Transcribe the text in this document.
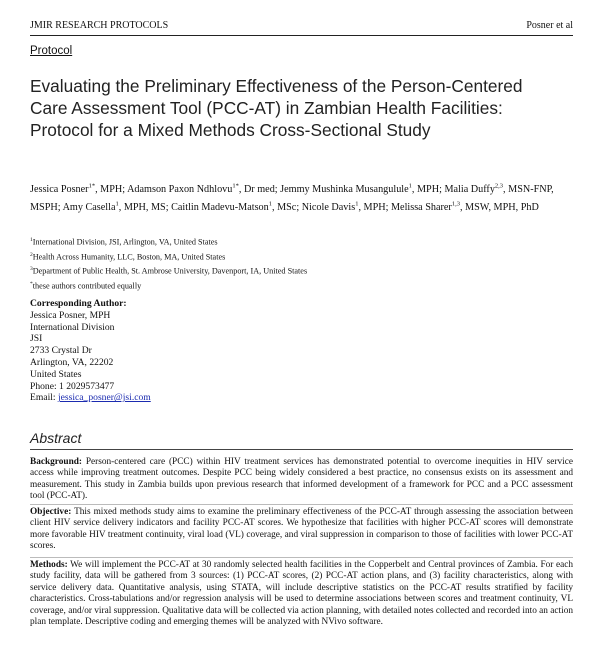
JMIR RESEARCH PROTOCOLS	Posner et al
Protocol
Evaluating the Preliminary Effectiveness of the Person-Centered
Care Assessment Tool (PCC-AT) in Zambian Health Facilities:
Protocol for a Mixed Methods Cross-Sectional Study
Jessica Posner$^{1*}$, MPH; Adamson Paxon Ndhlovu$^{1*}$, Dr med; Jemmy Mushinka Musangulule$^1$, MPH; Malia Duffy$^{2,3}$, MSN-FNP, MSPH; Amy Casella$^1$, MPH, MS; Caitlin Madevu-Matson$^1$, MSc; Nicole Davis$^1$, MPH; Melissa Sharer$^{1,3}$, MSW, MPH, PhD
$^1$International Division, JSI, Arlington, VA, United States
$^2$Health Across Humanity, LLC, Boston, MA, United States
$^3$Department of Public Health, St. Ambrose University, Davenport, IA, United States
*these authors contributed equally
Corresponding Author:
Jessica Posner, MPH
International Division
JSI
2733 Crystal Dr
Arlington, VA, 22202
United States
Phone: 1 2029573477
Email: jessica_posner@jsi.com
Abstract
Background: Person-centered care (PCC) within HIV treatment services has demonstrated potential to overcome inequities in HIV service access while improving treatment outcomes. Despite PCC being widely considered a best practice, no consensus exists on its assessment and measurement. This study in Zambia builds upon previous research that informed development of a framework for PCC and a PCC assessment tool (PCC-AT).
Objective: This mixed methods study aims to examine the preliminary effectiveness of the PCC-AT through assessing the association between client HIV service delivery indicators and facility PCC-AT scores. We hypothesize that facilities with higher PCC-AT scores will demonstrate more favorable HIV treatment continuity, viral load (VL) coverage, and viral suppression in comparison to those of facilities with lower PCC-AT scores.
Methods: We will implement the PCC-AT at 30 randomly selected health facilities in the Copperbelt and Central provinces of Zambia. For each study facility, data will be gathered from 3 sources: (1) PCC-AT scores, (2) PCC-AT action plans, and (3) facility characteristics, along with service delivery data. Quantitative analysis, using STATA, will include descriptive statistics on the PCC-AT results stratified by facility characteristics. Cross-tabulations and/or regression analysis will be used to determine associations between scores and treatment continuity, VL coverage, and/or viral suppression. Qualitative data will be collected via action planning, with detailed notes collected and recorded into an action plan template. Descriptive coding and emerging themes will be analyzed with NVivo software.
